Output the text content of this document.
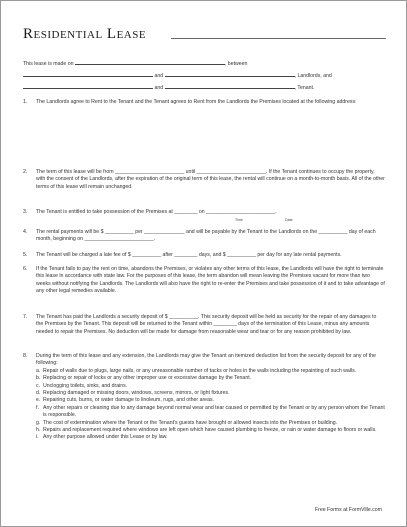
Residential Lease
This lease is made on	, between
and	, Landlords, and
and	, Tenant.
1.	The Landlords agree to Rent to the Tenant and the Tenant agrees to Rent from the Landlords the Premises located at the following address:
2.	The term of this lease will be from ________________________ until ________________________. If the Tenant continues to occupy the property, with the consent of the Landlords, after the expiration of the original term of this lease, the rental will continue on a month-to-month basis. All of the other terms of this lease will remain unchanged.
3.	The Tenant is entitled to take possession of the Premises at ________ on ________________________.
Time	Date
4.	The rental payments will be $ __________ per ______________ and will be payable by the Tenant to the Landlords on the __________ day of each month, beginning on ________________________.
5.	The Tenant will be charged a late fee of $ __________ after ________ days, and $ __________ per day for any late rental payments.
6.	If the Tenant fails to pay the rent on time, abandons the Premises, or violates any other terms of this lease, the Landlords will have the right to terminate this lease in accordance with state law. For the purposes of this lease, the term abandon will mean leaving the Premises vacant for more than two weeks without notifying the Landlords. The Landlords will also have the right to re-enter the Premises and take possession of it and to take advantage of any other legal remedies available.
7.	The Tenant has paid the Landlords a security deposit of $ __________. This security deposit will be held as security for the repair of any damages to the Premises by the Tenant. This deposit will be returned to the Tenant within ________ days of the termination of this Lease, minus any amounts needed to repair the Premises. No deduction will be made for damage from reasonable wear and tear or for any reason prohibited by law.
8.	During the term of this lease and any extension, the Landlords may give the Tenant an itemized deduction list from the security deposit for any of the following:
a. Repair of walls due to plugs, large nails, or any unreasonable number of tacks or holes in the walls including the repainting of such walls.
b. Replacing or repair of locks or any other improper use or excessive damage by the Tenant.
c. Unclogging toilets, sinks, and drains.
d. Replacing damaged or missing doors, windows, screens, mirrors, or light fixtures.
e. Repairing cuts, burns, or water damage to linoleum, rugs, and other areas.
f. Any other repairs or cleaning due to any damage beyond normal wear and tear caused or permitted by the Tenant or by any person whom the Tenant is responsible.
g. The cost of extermination where the Tenant or the Tenant's guests have brought or allowed insects into the Premises or building.
h. Repairs and replacement required where windows are left open which have caused plumbing to freeze, or rain or water damage to floors or walls.
i. Any other purpose allowed under this Lease or by law.
Free Forms at FormVille.com
